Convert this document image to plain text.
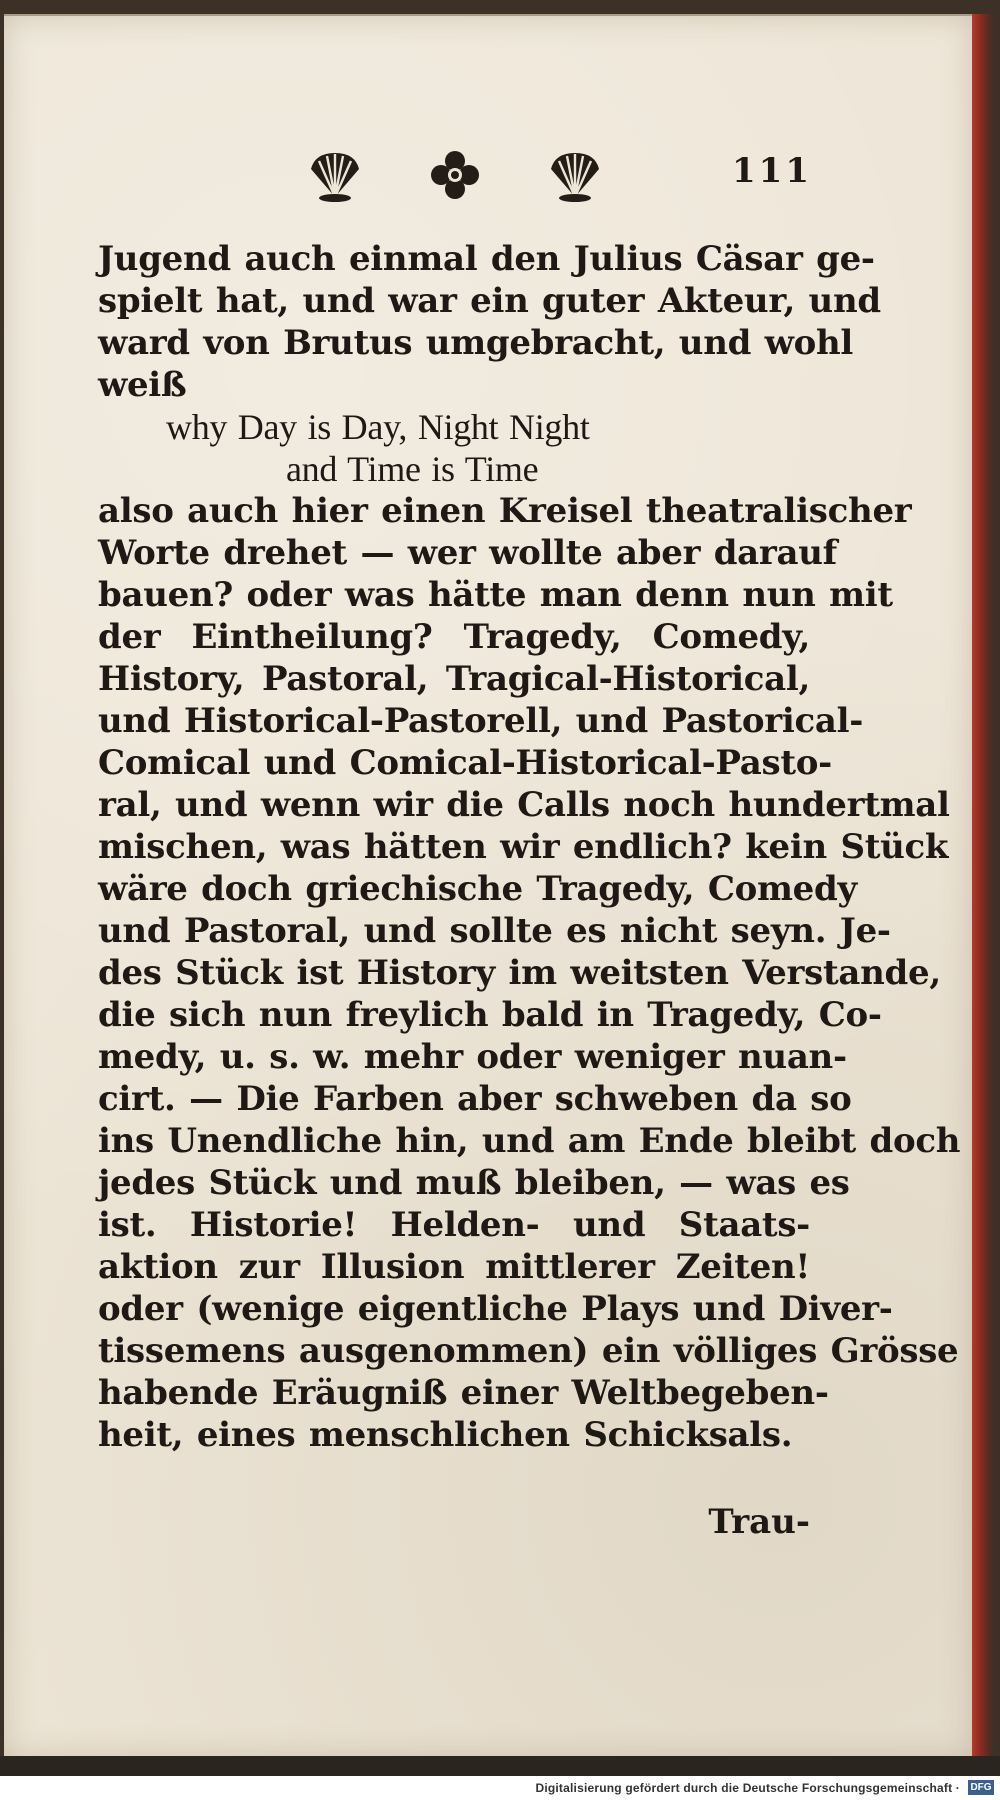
111
Jugend auch einmal den Julius Cäsar ge-
spielt hat, und war ein guter Akteur, und
ward von Brutus umgebracht, und wohl
weiß
why Day is Day, Night Night
and Time is Time
also auch hier einen Kreisel theatralischer
Worte drehet — wer wollte aber darauf
bauen? oder was hätte man denn nun mit
der Eintheilung? Tragedy, Comedy,
History, Pastoral, Tragical-Historical,
und Historical-Pastorell, und Pastorical-
Comical und Comical-Historical-Pasto-
ral, und wenn wir die Calls noch hundertmal
mischen, was hätten wir endlich? kein Stück
wäre doch griechische Tragedy, Comedy
und Pastoral, und sollte es nicht seyn. Je-
des Stück ist History im weitsten Verstande,
die sich nun freylich bald in Tragedy, Co-
medy, u. s. w. mehr oder weniger nuan-
cirt. — Die Farben aber schweben da so
ins Unendliche hin, und am Ende bleibt doch
jedes Stück und muß bleiben, — was es
ist. Historie! Helden- und Staats-
aktion zur Illusion mittlerer Zeiten!
oder (wenige eigentliche Plays und Diver-
tissemens ausgenommen) ein völliges Grösse
habende Eräugniß einer Weltbegeben-
heit, eines menschlichen Schicksals.
Trau-
Digitalisierung gefördert durch die Deutsche Forschungsgemeinschaft · DFG
